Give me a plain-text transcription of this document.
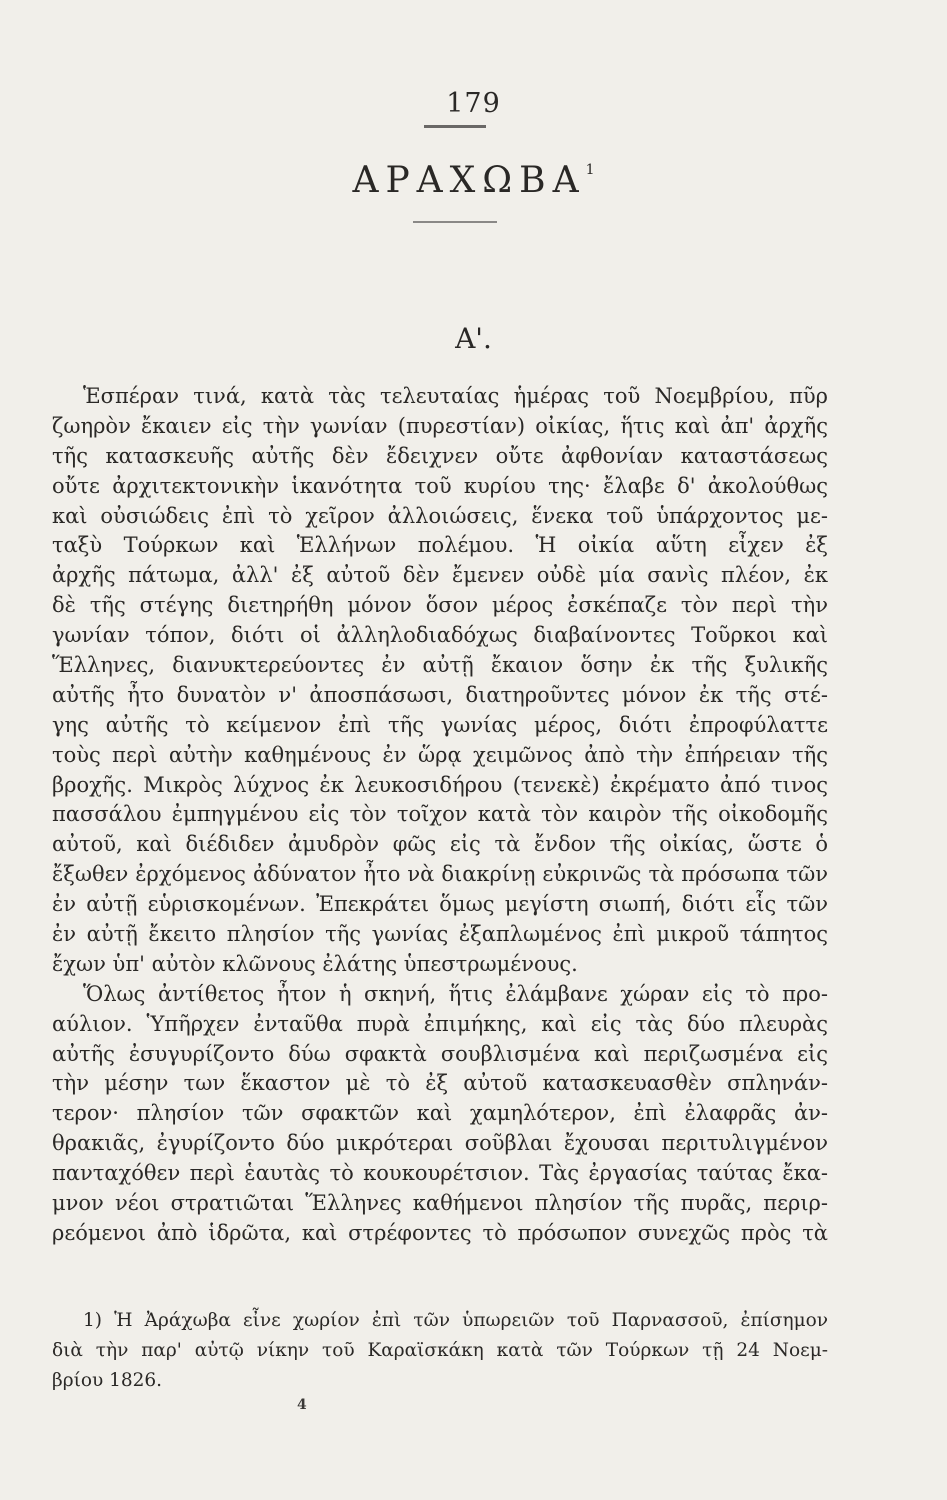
179
ΑΡΑΧΩΒΑ$^1$
Α'.
Ἑσπέραν τινά, κατὰ τὰς τελευταίας ἡμέρας τοῦ Νοεμβρίου, πῦρ
ζωηρὸν ἔκαιεν εἰς τὴν γωνίαν (πυρεστίαν) οἰκίας, ἥτις καὶ ἀπ' ἀρχῆς
τῆς κατασκευῆς αὐτῆς δὲν ἔδειχνεν οὔτε ἀφθονίαν καταστάσεως
οὔτε ἀρχιτεκτονικὴν ἱκανότητα τοῦ κυρίου της· ἔλαβε δ' ἀκολούθως
καὶ οὐσιώδεις ἐπὶ τὸ χεῖρον ἀλλοιώσεις, ἕνεκα τοῦ ὑπάρχοντος με-
ταξὺ Τούρκων καὶ Ἑλλήνων πολέμου. Ἡ οἰκία αὕτη εἶχεν ἐξ
ἀρχῆς πάτωμα, ἀλλ' ἐξ αὐτοῦ δὲν ἔμενεν οὐδὲ μία σανὶς πλέον, ἐκ
δὲ τῆς στέγης διετηρήθη μόνον ὅσον μέρος ἐσκέπαζε τὸν περὶ τὴν
γωνίαν τόπον, διότι οἱ ἀλληλοδιαδόχως διαβαίνοντες Τοῦρκοι καὶ
Ἕλληνες, διανυκτερεύοντες ἐν αὐτῇ ἔκαιον ὅσην ἐκ τῆς ξυλικῆς
αὐτῆς ἦτο δυνατὸν ν' ἀποσπάσωσι, διατηροῦντες μόνον ἐκ τῆς στέ-
γης αὐτῆς τὸ κείμενον ἐπὶ τῆς γωνίας μέρος, διότι ἐπροφύλαττε
τοὺς περὶ αὐτὴν καθημένους ἐν ὥρᾳ χειμῶνος ἀπὸ τὴν ἐπήρειαν τῆς
βροχῆς. Μικρὸς λύχνος ἐκ λευκοσιδήρου (τενεκὲ) ἐκρέματο ἀπό τινος
πασσάλου ἐμπηγμένου εἰς τὸν τοῖχον κατὰ τὸν καιρὸν τῆς οἰκοδομῆς
αὐτοῦ, καὶ διέδιδεν ἀμυδρὸν φῶς εἰς τὰ ἔνδον τῆς οἰκίας, ὥστε ὁ
ἔξωθεν ἐρχόμενος ἀδύνατον ἦτο νὰ διακρίνῃ εὐκρινῶς τὰ πρόσωπα τῶν
ἐν αὐτῇ εὑρισκομένων. Ἐπεκράτει ὅμως μεγίστη σιωπή, διότι εἷς τῶν
ἐν αὐτῇ ἔκειτο πλησίον τῆς γωνίας ἐξαπλωμένος ἐπὶ μικροῦ τάπητος
ἔχων ὑπ' αὐτὸν κλῶνους ἐλάτης ὑπεστρωμένους.
Ὅλως ἀντίθετος ἦτον ἡ σκηνή, ἥτις ἐλάμβανε χώραν εἰς τὸ προ-
αύλιον. Ὑπῆρχεν ἐνταῦθα πυρὰ ἐπιμήκης, καὶ εἰς τὰς δύο πλευρὰς
αὐτῆς ἐσυγυρίζοντο δύω σφακτὰ σουβλισμένα καὶ περιζωσμένα εἰς
τὴν μέσην των ἕκαστον μὲ τὸ ἐξ αὐτοῦ κατασκευασθὲν σπληνάν-
τερον· πλησίον τῶν σφακτῶν καὶ χαμηλότερον, ἐπὶ ἐλαφρᾶς ἀν-
θρακιᾶς, ἐγυρίζοντο δύο μικρότεραι σοῦβλαι ἔχουσαι περιτυλιγμένον
πανταχόθεν περὶ ἑαυτὰς τὸ κουκουρέτσιον. Τὰς ἐργασίας ταύτας ἔκα-
μνον νέοι στρατιῶται Ἕλληνες καθήμενοι πλησίον τῆς πυρᾶς, περιρ-
ρεόμενοι ἀπὸ ἱδρῶτα, καὶ στρέφοντες τὸ πρόσωπον συνεχῶς πρὸς τὰ
1) Ἡ Ἀράχωβα εἶνε χωρίον ἐπὶ τῶν ὑπωρειῶν τοῦ Παρνασσοῦ, ἐπίσημον
διὰ τὴν παρ' αὐτῷ νίκην τοῦ Καραϊσκάκη κατὰ τῶν Τούρκων τῇ 24 Νοεμ-
βρίου 1826.
4
